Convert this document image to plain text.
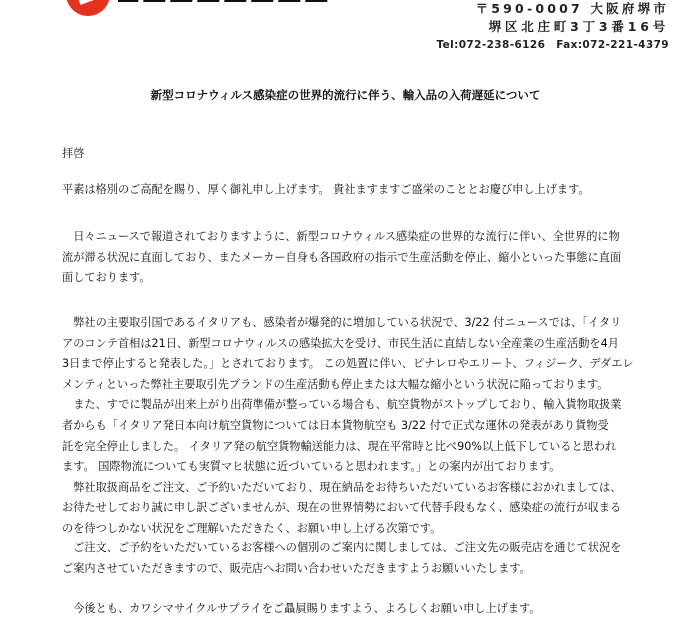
〒590-0007 大阪府堺市
堺区北庄町3丁3番16号
Tel:072-238-6126　Fax:072-221-4379
新型コロナウィルス感染症の世界的流行に伴う、輸入品の入荷遅延について

拝啓

平素は格別のご高配を賜り、厚く御礼申し上げます。 貴社ますますご盛栄のこととお慶び申し上げます。

　日々ニュースで報道されておりますように、新型コロナウィルス感染症の世界的な流行に伴い、全世界的に物
流が滞る状況に直面しており、またメーカー自身も各国政府の指示で生産活動を停止、縮小といった事態に直面
面しております。

　弊社の主要取引国であるイタリアも、感染者が爆発的に増加している状況で、3/22 付ニュースでは、「イタリ
アのコンテ首相は21日、新型コロナウィルスの感染拡大を受け、市民生活に直結しない全産業の生産活動を4月
3日まで停止すると発表した。」とされております。 この処置に伴い、ピナレロやエリート、フィジーク、デダエレ
メンティといった弊社主要取引先ブランドの生産活動も停止または大幅な縮小という状況に陥っております。
　また、すでに製品が出来上がり出荷準備が整っている場合も、航空貨物がストップしており、輸入貨物取扱業
者からも「イタリア発日本向け航空貨物については日本貨物航空も 3/22 付で正式な運休の発表があり貨物受
託を完全停止しました。 イタリア発の航空貨物輸送能力は、現在平常時と比べ90%以上低下していると思われ
ます。 国際物流についても実質マヒ状態に近づいていると思われます。」との案内が出ております。
　弊社取扱商品をご注文、ご予約いただいており、現在納品をお待ちいただいているお客様におかれましては、
お待たせしており誠に申し訳ございませんが、現在の世界情勢において代替手段もなく、感染症の流行が収まる
のを待つしかない状況をご理解いただきたく、お願い申し上げる次第です。

　ご注文、ご予約をいただいているお客様への個別のご案内に関しましては、ご注文先の販売店を通じて状況を
ご案内させていただきますので、販売店へお問い合わせいただきますようお願いいたします。

　今後とも、カワシマサイクルサプライをご贔屓賜りますよう、よろしくお願い申し上げます。
